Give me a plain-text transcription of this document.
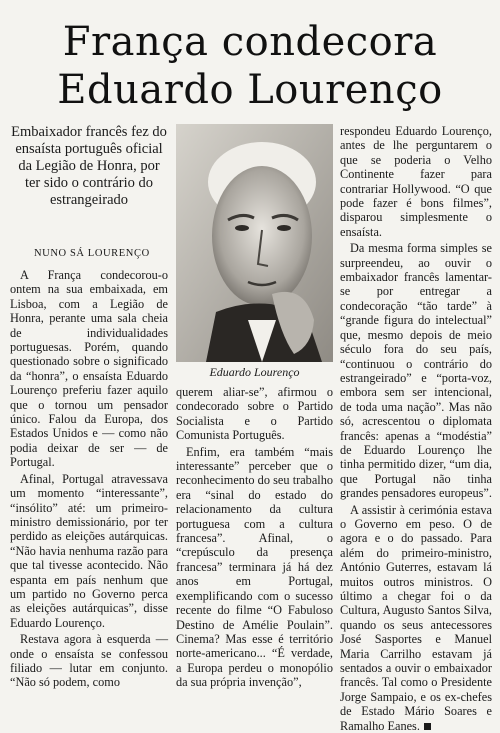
França condecora
Eduardo Lourenço

Embaixador francês fez do ensaísta português oficial da Legião de Honra, por ter sido o contrário do estrangeirado

NUNO SÁ LOURENÇO

Eduardo Lourenço

A França condecorou-o ontem na sua embaixada, em Lisboa, com a Legião de Honra, perante uma sala cheia de individualidades portuguesas. Porém, quando questionado sobre o significado da “honra”, o ensaísta Eduardo Lourenço preferiu fazer aquilo que o tornou um pensador único. Falou da Europa, dos Estados Unidos e — como não podia deixar de ser — de Portugal.

Afinal, Portugal atravessava um momento “interessante”, “insólito” até: um primeiro-ministro demissionário, por ter perdido as eleições autárquicas. “Não havia nenhuma razão para que tal tivesse acontecido. Não espanta em país nenhum que um partido no Governo perca as eleições autárquicas”, disse Eduardo Lourenço.

Restava agora à esquerda — onde o ensaísta se confessou filiado — lutar em conjunto. “Não só podem, como

querem aliar-se”, afirmou o condecorado sobre o Partido Socialista e o Partido Comunista Português.

Enfim, era também “mais interessante” perceber que o reconhecimento do seu trabalho era “sinal do estado do relacionamento da cultura portuguesa com a cultura francesa”. Afinal, o “crepúsculo da presença francesa” terminara já há dez anos em Portugal, exemplificando com o sucesso recente do filme “O Fabuloso Destino de Amélie Poulain”. Cinema? Mas esse é território norte-americano... “É verdade, a Europa perdeu o monopólio da sua própria invenção”,

respondeu Eduardo Lourenço, antes de lhe perguntarem o que se poderia o Velho Continente fazer para contrariar Hollywood. “O que pode fazer é bons filmes”, disparou simplesmente o ensaísta.

Da mesma forma simples se surpreendeu, ao ouvir o embaixador francês lamentar-se por entregar a condecoração “tão tarde” à “grande figura do intelectual” que, mesmo depois de meio século fora do seu país, “continuou o contrário do estrangeirado” e “porta-voz, embora sem ser intencional, de toda uma nação”. Mas não só, acrescentou o diplomata francês: apenas a “modéstia” de Eduardo Lourenço lhe tinha permitido dizer, “um dia, que Portugal não tinha grandes pensadores europeus”.

A assistir à cerimónia estava o Governo em peso. O de agora e o do passado. Para além do primeiro-ministro, António Guterres, estavam lá muitos outros ministros. O último a chegar foi o da Cultura, Augusto Santos Silva, quando os seus antecessores José Sasportes e Manuel Maria Carrilho estavam já sentados a ouvir o embaixador francês. Tal como o Presidente Jorge Sampaio, e os ex-chefes de Estado Mário Soares e Ramalho Eanes.
